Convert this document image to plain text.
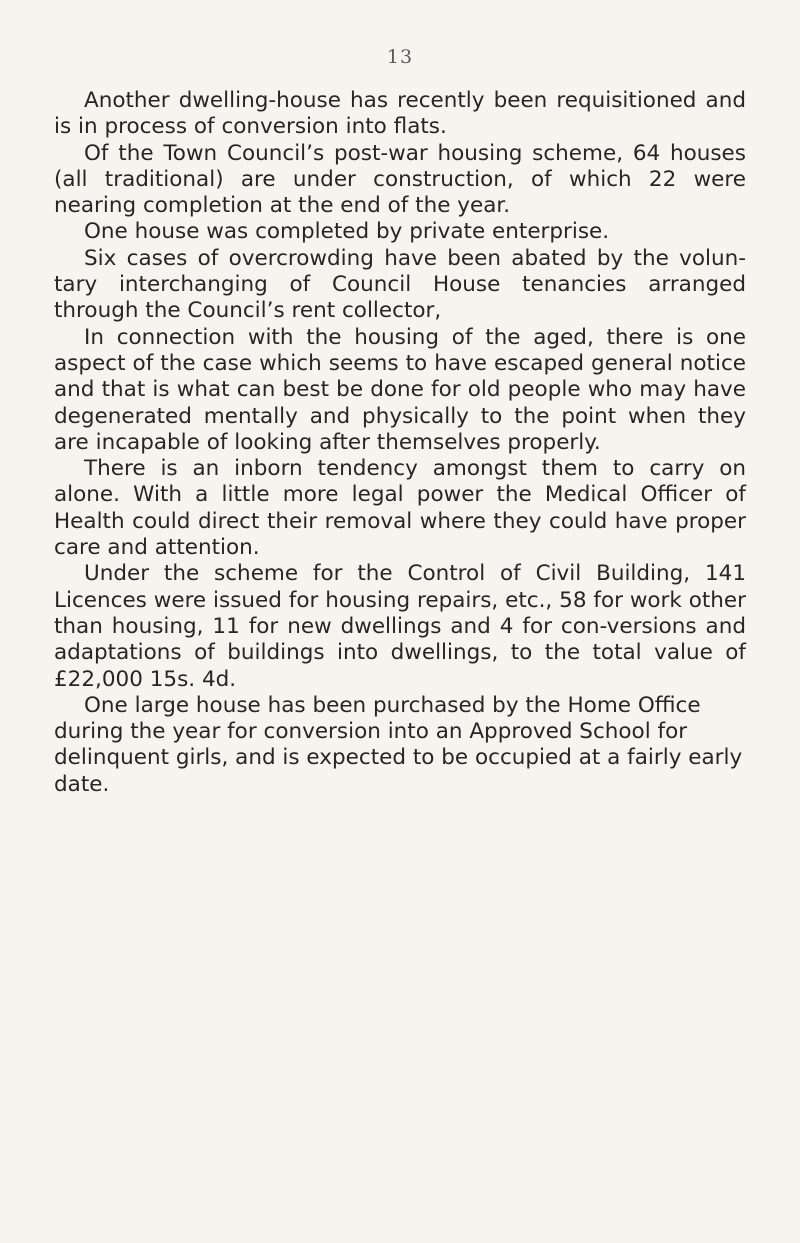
13

Another dwelling-house has recently been requisitioned and is in process of conversion into flats.

Of the Town Council’s post-war housing scheme, 64 houses (all traditional) are under construction, of which 22 were nearing completion at the end of the year.

One house was completed by private enterprise.

Six cases of overcrowding have been abated by the volun-tary interchanging of Council House tenancies arranged through the Council’s rent collector,

In connection with the housing of the aged, there is one aspect of the case which seems to have escaped general notice and that is what can best be done for old people who may have degenerated mentally and physically to the point when they are incapable of looking after themselves properly.

There is an inborn tendency amongst them to carry on alone. With a little more legal power the Medical Officer of Health could direct their removal where they could have proper care and attention.

Under the scheme for the Control of Civil Building, 141 Licences were issued for housing repairs, etc., 58 for work other than housing, 11 for new dwellings and 4 for con-versions and adaptations of buildings into dwellings, to the total value of £22,000 15s. 4d.

One large house has been purchased by the Home Office during the year for conversion into an Approved School for delinquent girls, and is expected to be occupied at a fairly early date.
